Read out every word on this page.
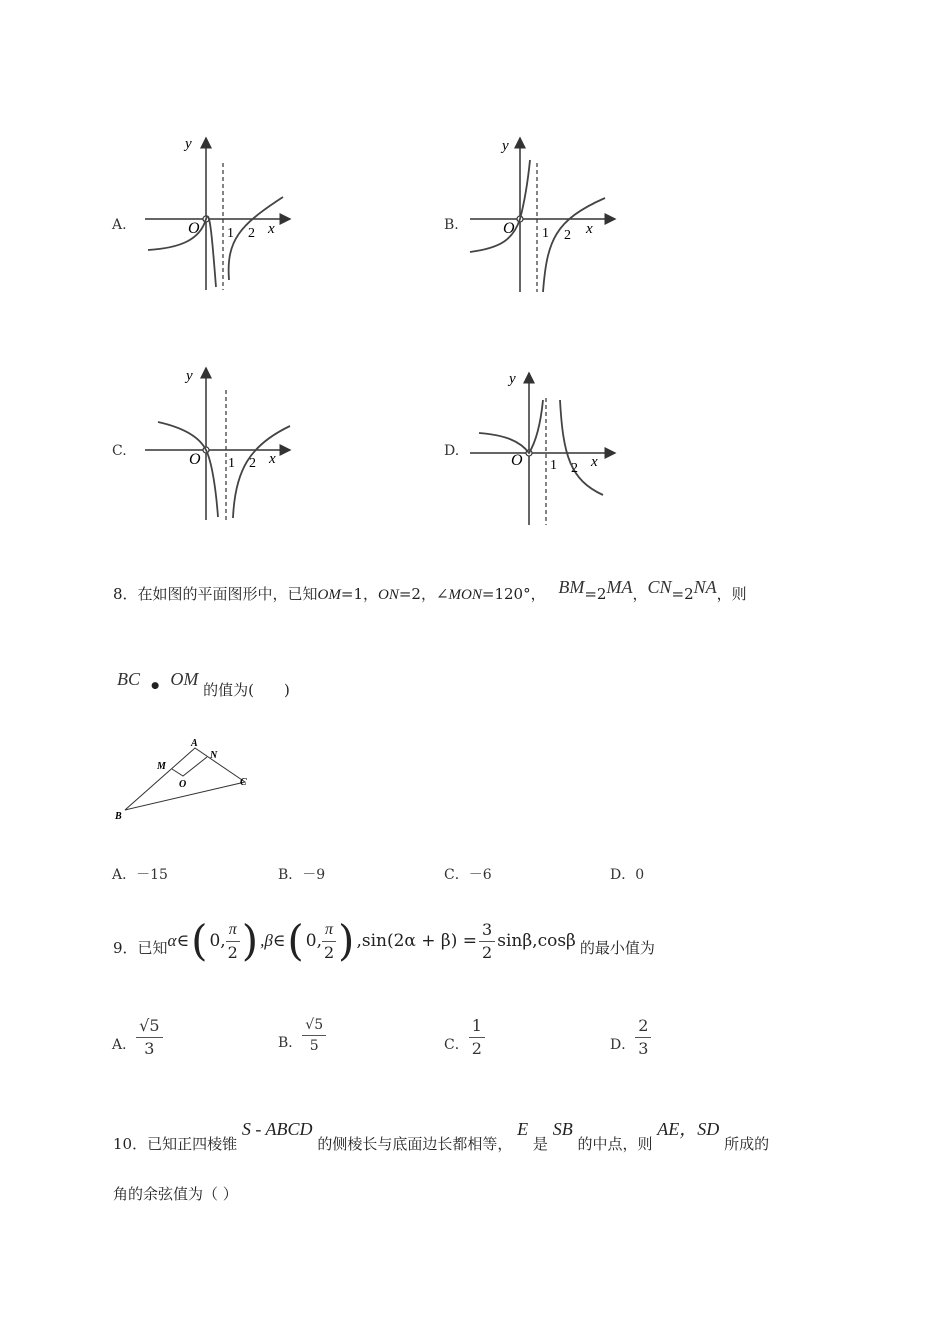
A.	B.
C.	D.
y
O 1 2 x
y
O 1 2 x
y
O 1 2 x
y
O 1 2 x
8．在如图的平面图形中，已知OM=1，ON=2，∠MON=120°， BM=2MA，CN=2NA，则
BC • OM 的值为(　　)
A
N
M
O	C
B
A．－15	B．－9	C．－6	D．0
9．已知 α∈ ( 0, $\frac{\pi}{2}$ ) ,β∈ ( 0, $\frac{\pi}{2}$ ) $,\sin(2\alpha + \beta) = \frac{3}{2} \sin\beta$, cosβ 的最小值为
A． $\frac{√5}{3}$	B． $\frac{√5}{5}$	C． $\frac{1}{2}$	D． $\frac{2}{3}$
10．已知正四棱锥 S - ABCD 的侧棱长与底面边长都相等， E 是 SB 的中点，则 AE，SD 所成的
角的余弦值为（ ）
